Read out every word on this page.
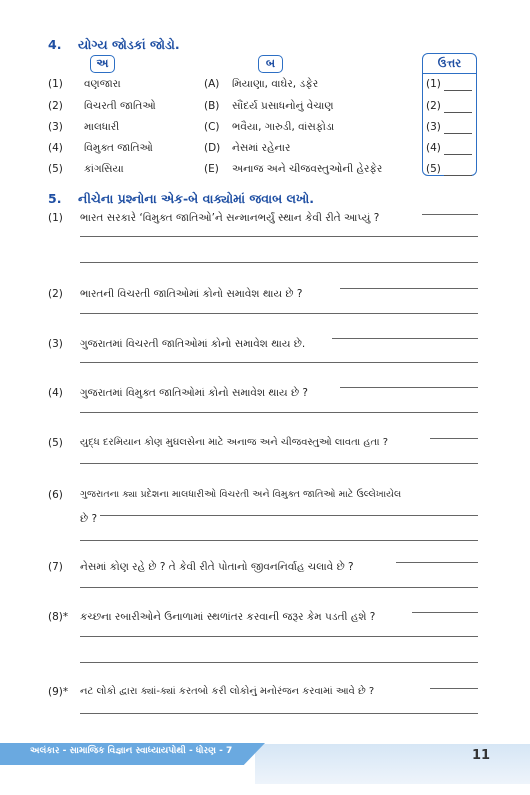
4. યોગ્ય જોડકાં જોડો.
અ	બ	ઉત્તર
(1) વણજારા	(A) મિયાણા, વાઘેર, ડફેર	(1)
(2) વિચરતી જાતિઓ	(B) સૌંદર્ય પ્રસાધનોનું વેચાણ	(2)
(3) માલધારી	(C) ભવૈયા, ગારુડી, વાંસફોડા	(3)
(4) વિમુક્ત જાતિઓ	(D) નેસમાં રહેનાર	(4)
(5) કાંગસિયા	(E) અનાજ અને ચીજવસ્તુઓની હેરફેર	(5)
5. નીચેના પ્રશ્નોના એક-બે વાક્યોમાં જવાબ લખો.
(1) ભારત સરકારે ‘વિમુક્ત જાતિઓ’ને સન્માનભર્યું સ્થાન કેવી રીતે આપ્યું ?
(2) ભારતની વિચરતી જાતિઓમાં કોનો સમાવેશ થાય છે ?
(3) ગુજરાતમાં વિચરતી જાતિઓમાં કોનો સમાવેશ થાય છે.
(4) ગુજરાતમાં વિમુક્ત જાતિઓમાં કોનો સમાવેશ થાય છે ?
(5) યુદ્ધ દરમિયાન કોણ મુઘલસેના માટે અનાજ અને ચીજવસ્તુઓ લાવતા હતા ?
(6) ગુજરાતના ક્યા પ્રદેશના માલધારીઓ વિચરતી અને વિમુક્ત જાતિઓ માટે ઉલ્લેખાયેલ
છે ?
(7) નેસમાં કોણ રહે છે ? તે કેવી રીતે પોતાનો જીવનનિર્વાહ ચલાવે છે ?
(8)* કચ્છના રબારીઓને ઉનાળામાં સ્થળાંતર કરવાની જરૂર કેમ પડતી હશે ?
(9)* નટ લોકો દ્વારા ક્યાં-ક્યાં કરતબો કરી લોકોનું મનોરંજન કરવામાં આવે છે ?
અલંકાર - સામાજિક વિજ્ઞાન સ્વાધ્યાયપોથી - ધોરણ - 7	11
